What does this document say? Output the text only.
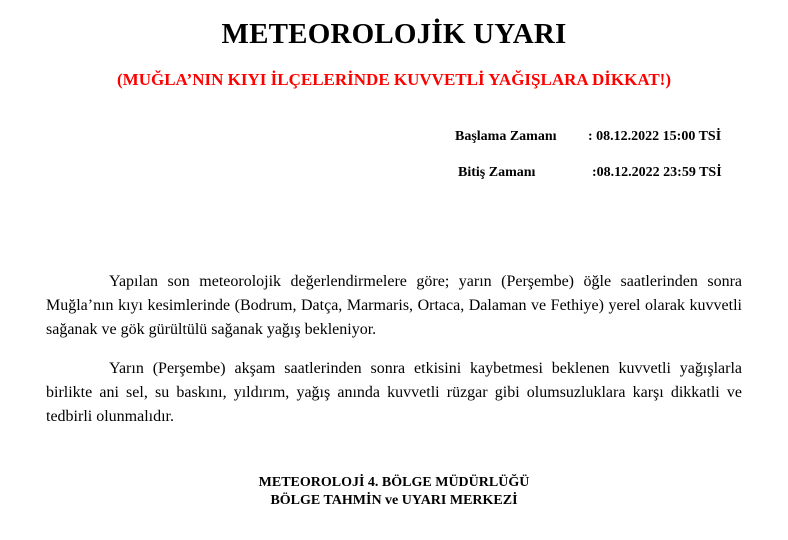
METEOROLOJİK UYARI
(MUĞLA’NIN KIYI İLÇELERİNDE KUVVETLİ YAĞIŞLARA DİKKAT!)
Başlama Zamanı : 08.12.2022 15:00 TSİ
Bitiş Zamanı	:08.12.2022 23:59 TSİ

Yapılan son meteorolojik değerlendirmelere göre; yarın (Perşembe) öğle saatlerinden sonra Muğla’nın kıyı kesimlerinde (Bodrum, Datça, Marmaris, Ortaca, Dalaman ve Fethiye) yerel olarak kuvvetli sağanak ve gök gürültülü sağanak yağış bekleniyor.

Yarın (Perşembe) akşam saatlerinden sonra etkisini kaybetmesi beklenen kuvvetli yağışlarla birlikte ani sel, su baskını, yıldırım, yağış anında kuvvetli rüzgar gibi olumsuzluklara karşı dikkatli ve tedbirli olunmalıdır.

METEOROLOJİ 4. BÖLGE MÜDÜRLÜĞÜ
BÖLGE TAHMİN ve UYARI MERKEZİ
